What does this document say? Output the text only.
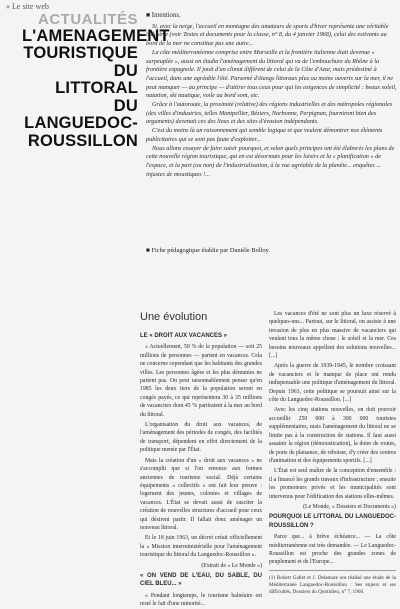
« Le site web
ACTUALITÉS
L'AMENAGEMENT
TOURISTIQUE
DU
LITTORAL
DU
LANGUEDOC-
ROUSSILLON
■ Intentions.

Si, avec la neige, l'accueil en montagne des amateurs de sports d'hiver représente une véritable industrie (voir Textes et documents pour la classe, n° 8, du 4 janvier 1968), celui des estivants au bord de la mer ne constitue pas une autre...

La côte méditerranéenne comprise entre Marseille et la frontière italienne était devenue « surpeuplée », aussi on étudia l'aménagement du littoral qui va de l'embouchure du Rhône à la frontière espagnole. Il jouit d'un climat différent de celui de la Côte d'Azur, mais prédestiné à l'accueil, dans une agréable l'été. Parsemé d'étangs littoraux plus ou moins ouverts sur la mer, il ne peut manquer — au principe — d'attirer tous ceux pour qui les exigences de simplicité : beaux soleil, natation, ski nautique, voile au bord sont, etc.

Grâce à l'autoroute, la proximité (relative) des régions industrielles et des métropoles régionales (des villes d'industries, telles Montpellier, Béziers, Narbonne, Perpignan, fourniront bien des arguments) devenait ces des lieux et des sites d'évasion indépendants.

C'est du moins là un raisonnement qui semble logique et que veulent démontrer nos éléments publicitaires qui se sont pas faute d'exploiter...

Nous allons essayer de faire saisir pourquoi, et selon quels principes ont été élaborés les plans de cette nouvelle région touristique, qui en est désormais pour les loisirs et la « planification » de l'espace, et la part (ou non) de l'industrialisation, à la vue agréable de la planète... enquêtes ... injustes de moustiques !...

■ Fiche pédagogique établie par Danièle Bolloy.
Une évolution
LE « DROIT AUX VACANCES »

« Actuellement, 50 % de la population — soit 25 millions de personnes — partent en vacances. Cela ne concerne cependant que les habitants des grandes villes. Les personnes âgées et les plus démunies ne partent pas. On peut raisonnablement penser qu'en 1985 les deux tiers de la population seront en congés payés, ce qui représentera 30 à 35 millions de vacanciers dont 45 % partiraient à la mer au bord du littoral.

L'organisation du droit aux vacances, de l'aménagement des périodes de congés, des facilités de transport, dépendent en effet directement de la politique menée par l'État.

Mais la création d'un « droit aux vacances » ne s'accomplit que si l'on renonce aux formes anciennes de tourisme social. Déjà certains équipements « collectifs » ont fait leur preuve : logement des jeunes, colonies et villages de vacances. L'État se devait aussi de susciter la création de nouvelles structures d'accueil pour ceux qui désirent partir. Il fallait donc aménager un nouveau littoral.

Et le 18 juin 1963, un décret créait officiellement la « Mission interministérielle pour l'aménagement touristique du littoral du Languedoc-Roussillon ».

(Extrait de « Le Monde »)

« ON VEND DE L'EAU, DU SABLE, DU CIEL BLEU... »

« Pendant longtemps, le tourisme balnéaire est resté le fait d'une minorité...

Les vacances d'été ne sont plus un luxe réservé à quelques-uns... Partout, sur le littoral, on assiste à une invasion de plus en plus massive de vacanciers qui veulent tous la même chose : le soleil et la mer. Ces besoins nouveaux appellent des solutions nouvelles... [...]

Après la guerre de 1939-1945, le nombre croissant de vacanciers et le manque de place ont rendu indispensable une politique d'aménagement du littoral. Depuis 1963, cette politique se poursuit ainsi sur la côte du Languedoc-Roussillon. [...]

Avec les cinq stations nouvelles, on doit pouvoir accueillir 250 000 à 300 000 touristes supplémentaires, mais l'aménagement du littoral ne se limite pas à la construction de stations. Il faut aussi assainir la région (démoustication), la doter de routes, de ports de plaisance, de reboiser, d'y créer des centres d'animation et des équipements sportifs. [...]

L'État est seul maître de la conception d'ensemble : il a financé les grands travaux d'infrastructure ; ensuite les promoteurs privés et les municipalités sont intervenus pour l'édification des stations elles-mêmes.

(Le Monde, « Dossiers et Documents »)

POURQUOI LE LITTORAL DU LANGUEDOC-ROUSSILLON ?

Parce que... à brève échéance... — La côte méditerranéenne est très demandée. — Le Languedoc-Roussillon est proche des grandes zones de peuplement et de l'Europe...

(1) Robert Gallet et J. Delamare ont réalisé une étude de la Méditerranée Languedoc-Roussillon : Ses enjeux et ses difficultés, Dossiers du Quotidien, n° 7, 1966.
